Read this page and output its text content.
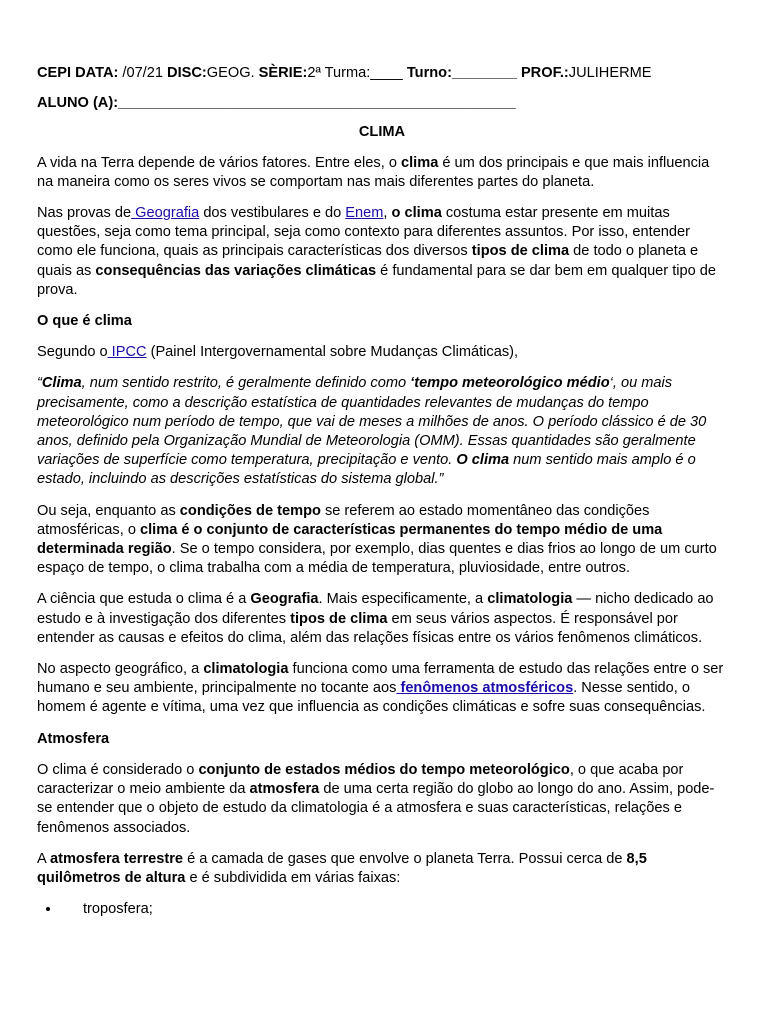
CEPI DATA: /07/21 DISC:GEOG. SÈRIE:2ª Turma:____ Turno:________ PROF.:JULIHERME
ALUNO (A):_________________________________________________
CLIMA

A vida na Terra depende de vários fatores. Entre eles, o clima é um dos principais e que mais influencia na maneira como os seres vivos se comportam nas mais diferentes partes do planeta.

Nas provas de Geografia dos vestibulares e do Enem, o clima costuma estar presente em muitas questões, seja como tema principal, seja como contexto para diferentes assuntos. Por isso, entender como ele funciona, quais as principais características dos diversos tipos de clima de todo o planeta e quais as consequências das variações climáticas é fundamental para se dar bem em qualquer tipo de prova.

O que é clima

Segundo o IPCC (Painel Intergovernamental sobre Mudanças Climáticas),

“Clima, num sentido restrito, é geralmente definido como ‘tempo meteorológico médio‘, ou mais precisamente, como a descrição estatística de quantidades relevantes de mudanças do tempo meteorológico num período de tempo, que vai de meses a milhões de anos. O período clássico é de 30 anos, definido pela Organização Mundial de Meteorologia (OMM). Essas quantidades são geralmente variações de superfície como temperatura, precipitação e vento. O clima num sentido mais amplo é o estado, incluindo as descrições estatísticas do sistema global.”

Ou seja, enquanto as condições de tempo se referem ao estado momentâneo das condições atmosféricas, o clima é o conjunto de características permanentes do tempo médio de uma determinada região. Se o tempo considera, por exemplo, dias quentes e dias frios ao longo de um curto espaço de tempo, o clima trabalha com a média de temperatura, pluviosidade, entre outros.

A ciência que estuda o clima é a Geografia. Mais especificamente, a climatologia — nicho dedicado ao estudo e à investigação dos diferentes tipos de clima em seus vários aspectos. É responsável por entender as causas e efeitos do clima, além das relações físicas entre os vários fenômenos climáticos.

No aspecto geográfico, a climatologia funciona como uma ferramenta de estudo das relações entre o ser humano e seu ambiente, principalmente no tocante aos fenômenos atmosféricos. Nesse sentido, o homem é agente e vítima, uma vez que influencia as condições climáticas e sofre suas consequências.

Atmosfera

O clima é considerado o conjunto de estados médios do tempo meteorológico, o que acaba por caracterizar o meio ambiente da atmosfera de uma certa região do globo ao longo do ano. Assim, pode-se entender que o objeto de estudo da climatologia é a atmosfera e suas características, relações e fenômenos associados.

A atmosfera terrestre é a camada de gases que envolve o planeta Terra. Possui cerca de 8,5 quilômetros de altura e é subdividida em várias faixas:

• troposfera;
